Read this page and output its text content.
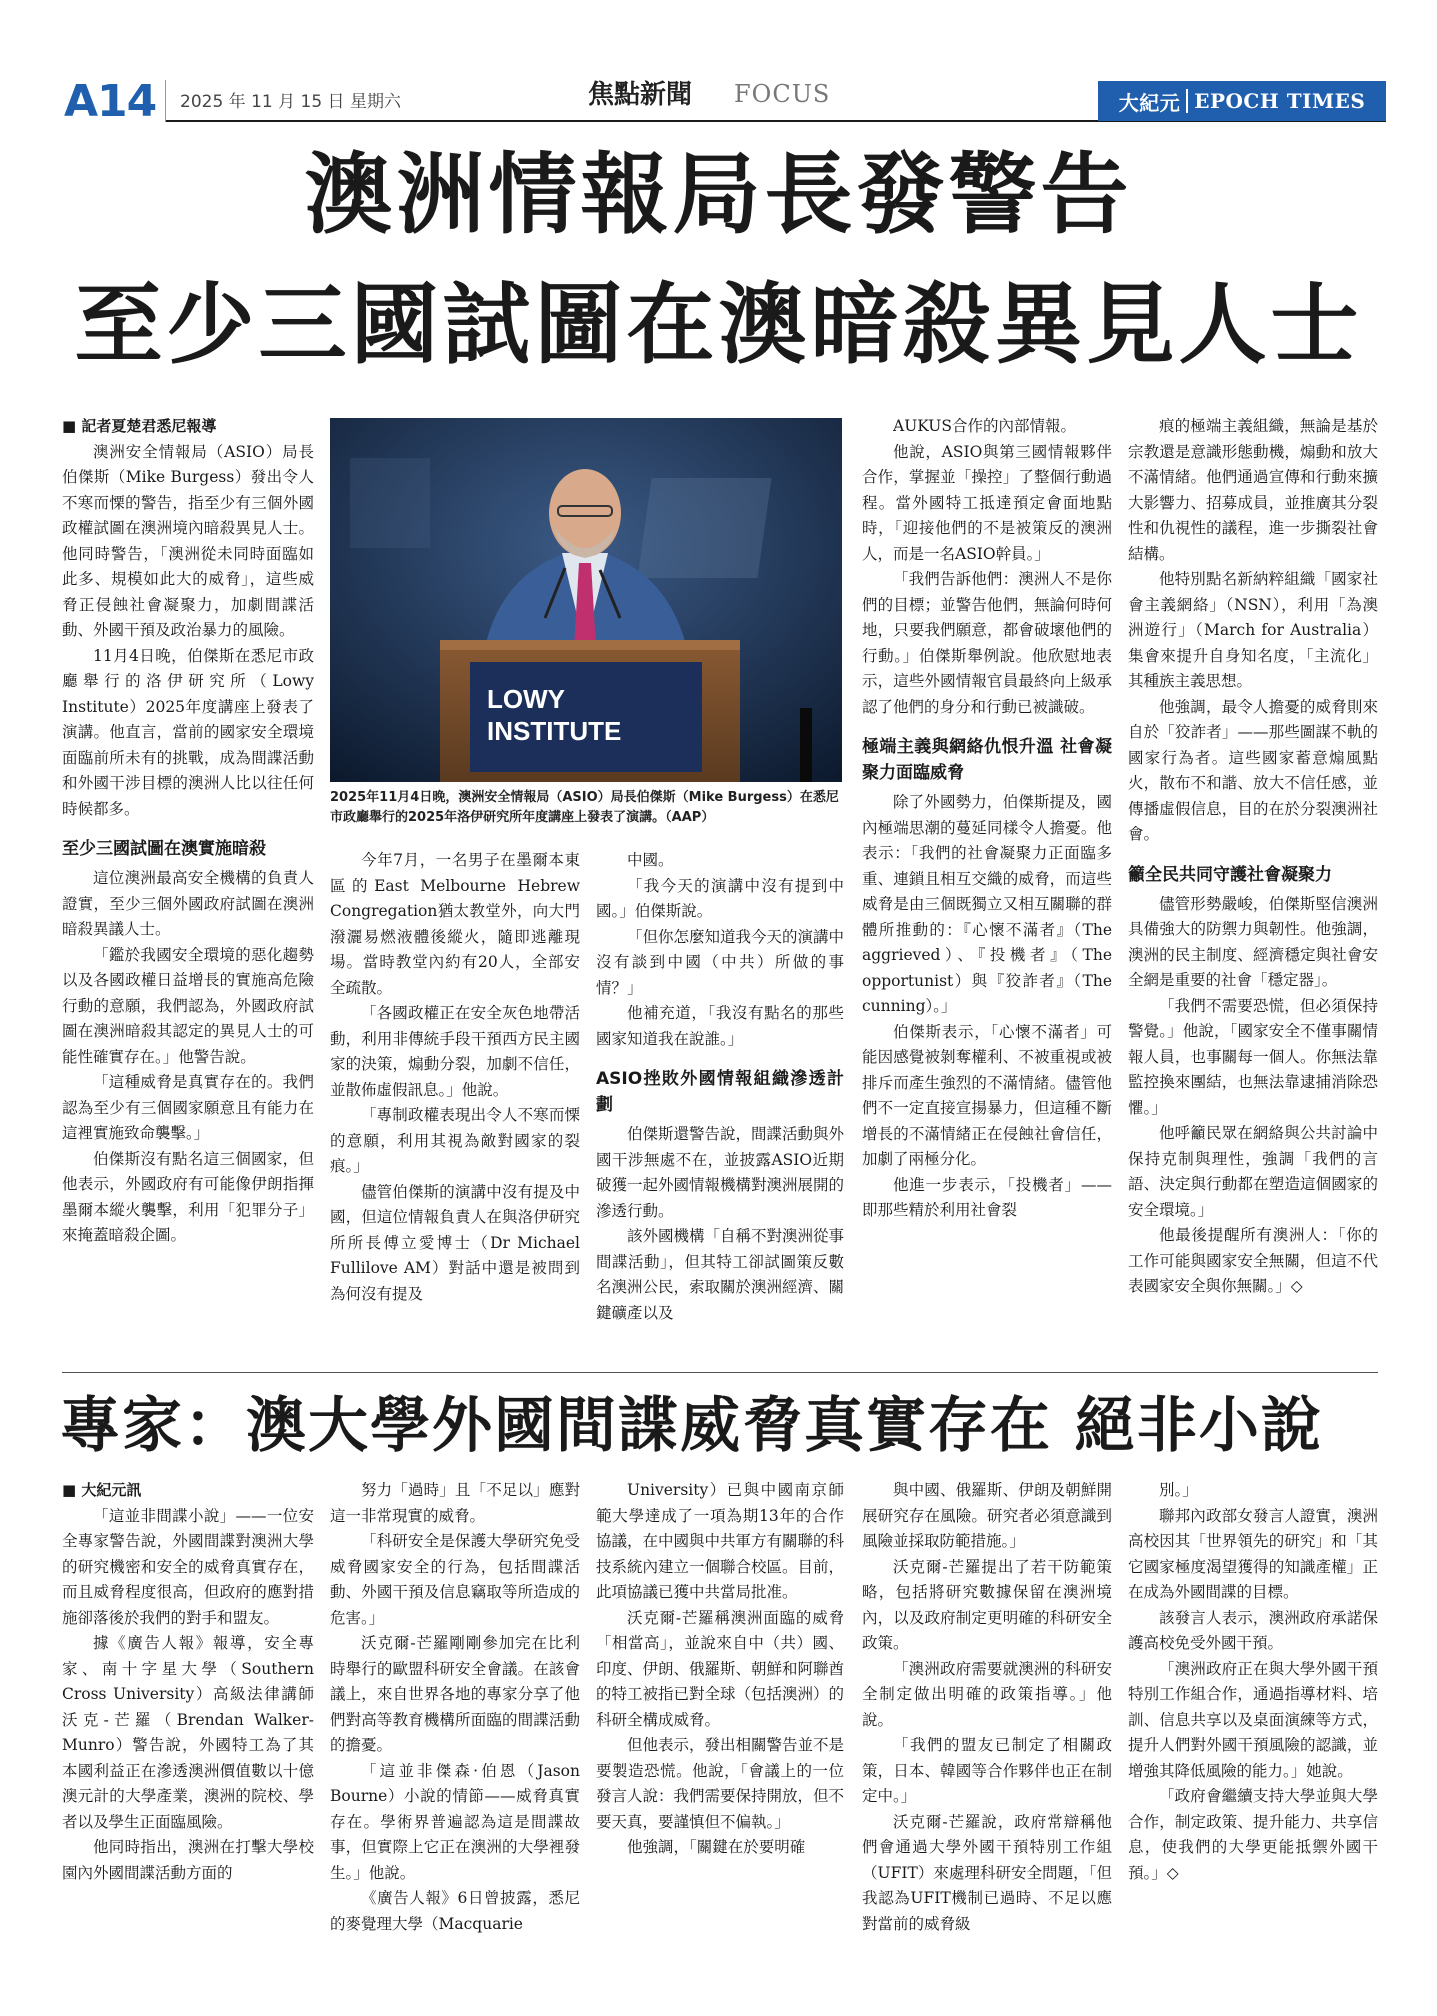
A14 2025 年 11 月 15 日 星期六	焦點新聞 FOCUS	大紀元 EPOCH TIMES
澳洲情報局長發警告
至少三國試圖在澳暗殺異見人士

■ 記者夏楚君悉尼報導

澳洲安全情報局（ASIO）局長伯傑斯（Mike Burgess）發出令人不寒而慄的警告，指至少有三個外國政權試圖在澳洲境內暗殺異見人士。他同時警告，「澳洲從未同時面臨如此多、規模如此大的威脅」，這些威脅正侵蝕社會凝聚力，加劇間諜活動、外國干預及政治暴力的風險。

11月4日晚，伯傑斯在悉尼市政廳舉行的洛伊研究所（Lowy Institute）2025年度講座上發表了演講。他直言，當前的國家安全環境面臨前所未有的挑戰，成為間諜活動和外國干涉目標的澳洲人比以往任何時候都多。

至少三國試圖在澳實施暗殺

這位澳洲最高安全機構的負責人證實，至少三個外國政府試圖在澳洲暗殺異議人士。

「鑑於我國安全環境的惡化趨勢以及各國政權日益增長的實施高危險行動的意願，我們認為，外國政府試圖在澳洲暗殺其認定的異見人士的可能性確實存在。」他警告說。

「這種威脅是真實存在的。我們認為至少有三個國家願意且有能力在這裡實施致命襲擊。」

伯傑斯沒有點名這三個國家，但他表示，外國政府有可能像伊朗指揮墨爾本縱火襲擊，利用「犯罪分子」來掩蓋暗殺企圖。

LOWY
INSTITUTE
2025年11月4日晚，澳洲安全情報局（ASIO）局長伯傑斯（Mike Burgess）在悉尼市政廳舉行的2025年洛伊研究所年度講座上發表了演講。（AAP）

今年7月，一名男子在墨爾本東區的East Melbourne Hebrew Congregation猶太教堂外，向大門潑灑易燃液體後縱火，隨即逃離現場。當時教堂內約有20人，全部安全疏散。

「各國政權正在安全灰色地帶活動，利用非傳統手段干預西方民主國家的決策，煽動分裂，加劇不信任，並散佈虛假訊息。」他說。

「專制政權表現出令人不寒而慄的意願，利用其視為敵對國家的裂痕。」

儘管伯傑斯的演講中沒有提及中國，但這位情報負責人在與洛伊研究所所長傅立愛博士（Dr Michael Fullilove AM）對話中還是被問到為何沒有提及

中國。

「我今天的演講中沒有提到中國。」伯傑斯說。

「但你怎麼知道我今天的演講中沒有談到中國（中共）所做的事情？」

他補充道，「我沒有點名的那些國家知道我在說誰。」

ASIO挫敗外國情報組織滲透計劃

伯傑斯還警告說，間諜活動與外國干涉無處不在，並披露ASIO近期破獲一起外國情報機構對澳洲展開的滲透行動。

該外國機構「自稱不對澳洲從事間諜活動」，但其特工卻試圖策反數名澳洲公民，索取關於澳洲經濟、關鍵礦產以及

AUKUS合作的內部情報。

他說，ASIO與第三國情報夥伴合作，掌握並「操控」了整個行動過程。當外國特工抵達預定會面地點時，「迎接他們的不是被策反的澳洲人，而是一名ASIO幹員。」

「我們告訴他們：澳洲人不是你們的目標；並警告他們，無論何時何地，只要我們願意，都會破壞他們的行動。」伯傑斯舉例說。他欣慰地表示，這些外國情報官員最終向上級承認了他們的身分和行動已被識破。

極端主義與網絡仇恨升溫 社會凝聚力面臨威脅

除了外國勢力，伯傑斯提及，國內極端思潮的蔓延同樣令人擔憂。他表示：「我們的社會凝聚力正面臨多重、連鎖且相互交織的威脅，而這些威脅是由三個既獨立又相互關聯的群體所推動的：『心懷不滿者』（The aggrieved）、『投機者』（The opportunist）與『狡詐者』（The cunning）。」

伯傑斯表示，「心懷不滿者」可能因感覺被剝奪權利、不被重視或被排斥而產生強烈的不滿情緒。儘管他們不一定直接宣揚暴力，但這種不斷增長的不滿情緒正在侵蝕社會信任，加劇了兩極分化。

他進一步表示，「投機者」——即那些精於利用社會裂

痕的極端主義組織，無論是基於宗教還是意識形態動機，煽動和放大不滿情緒。他們通過宣傳和行動來擴大影響力、招募成員，並推廣其分裂性和仇視性的議程，進一步撕裂社會結構。

他特別點名新納粹組織「國家社會主義網絡」（NSN），利用「為澳洲遊行」（March for Australia）集會來提升自身知名度，「主流化」其種族主義思想。

他強調，最令人擔憂的威脅則來自於「狡詐者」——那些圖謀不軌的國家行為者。這些國家蓄意煽風點火，散布不和諧、放大不信任感，並傳播虛假信息，目的在於分裂澳洲社會。

籲全民共同守護社會凝聚力

儘管形勢嚴峻，伯傑斯堅信澳洲具備強大的防禦力與韌性。他強調，澳洲的民主制度、經濟穩定與社會安全網是重要的社會「穩定器」。

「我們不需要恐慌，但必須保持警覺。」他說，「國家安全不僅事關情報人員，也事關每一個人。你無法靠監控換來團結，也無法靠逮捕消除恐懼。」

他呼籲民眾在網絡與公共討論中保持克制與理性，強調「我們的言語、決定與行動都在塑造這個國家的安全環境。」

他最後提醒所有澳洲人：「你的工作可能與國家安全無關，但這不代表國家安全與你無關。」◇

專家：澳大學外國間諜威脅真實存在 絕非小說

■ 大紀元訊

「這並非間諜小說」——一位安全專家警告說，外國間諜對澳洲大學的研究機密和安全的威脅真實存在，而且威脅程度很高，但政府的應對措施卻落後於我們的對手和盟友。

據《廣告人報》報導，安全專家、南十字星大學（Southern Cross University）高級法律講師沃克-芒羅（Brendan Walker-Munro）警告說，外國特工為了其本國利益正在滲透澳洲價值數以十億澳元計的大學產業，澳洲的院校、學者以及學生正面臨風險。

他同時指出，澳洲在打擊大學校園內外國間諜活動方面的

努力「過時」且「不足以」應對這一非常現實的威脅。

「科研安全是保護大學研究免受威脅國家安全的行為，包括間諜活動、外國干預及信息竊取等所造成的危害。」

沃克爾-芒羅剛剛參加完在比利時舉行的歐盟科研安全會議。在該會議上，來自世界各地的專家分享了他們對高等教育機構所面臨的間諜活動的擔憂。

「這並非傑森·伯恩（Jason Bourne）小說的情節——威脅真實存在。學術界普遍認為這是間諜故事，但實際上它正在澳洲的大學裡發生。」他說。

《廣告人報》6日曾披露，悉尼的麥覺理大學（Macquarie

University）已與中國南京師範大學達成了一項為期13年的合作協議，在中國與中共軍方有關聯的科技系統內建立一個聯合校區。目前，此項協議已獲中共當局批准。

沃克爾-芒羅稱澳洲面臨的威脅「相當高」，並說來自中（共）國、印度、伊朗、俄羅斯、朝鮮和阿聯酋的特工被指已對全球（包括澳洲）的科研全構成威脅。

但他表示，發出相關警告並不是要製造恐慌。他說，「會議上的一位發言人說：我們需要保持開放，但不要天真，要謹慎但不偏執。」

他強調，「關鍵在於要明確

與中國、俄羅斯、伊朗及朝鮮開展研究存在風險。研究者必須意識到風險並採取防範措施。」

沃克爾-芒羅提出了若干防範策略，包括將研究數據保留在澳洲境內，以及政府制定更明確的科研安全政策。

「澳洲政府需要就澳洲的科研安全制定做出明確的政策指導。」他說。

「我們的盟友已制定了相關政策，日本、韓國等合作夥伴也正在制定中。」

沃克爾-芒羅說，政府常辯稱他們會通過大學外國干預特別工作組（UFIT）來處理科研安全問題，「但我認為UFIT機制已過時、不足以應對當前的威脅級

別。」

聯邦內政部女發言人證實，澳洲高校因其「世界領先的研究」和「其它國家極度渴望獲得的知識產權」正在成為外國間諜的目標。

該發言人表示，澳洲政府承諾保護高校免受外國干預。

「澳洲政府正在與大學外國干預特別工作組合作，通過指導材料、培訓、信息共享以及桌面演練等方式，提升人們對外國干預風險的認識，並增強其降低風險的能力。」她說。

「政府會繼續支持大學並與大學合作，制定政策、提升能力、共享信息，使我們的大學更能抵禦外國干預。」◇
